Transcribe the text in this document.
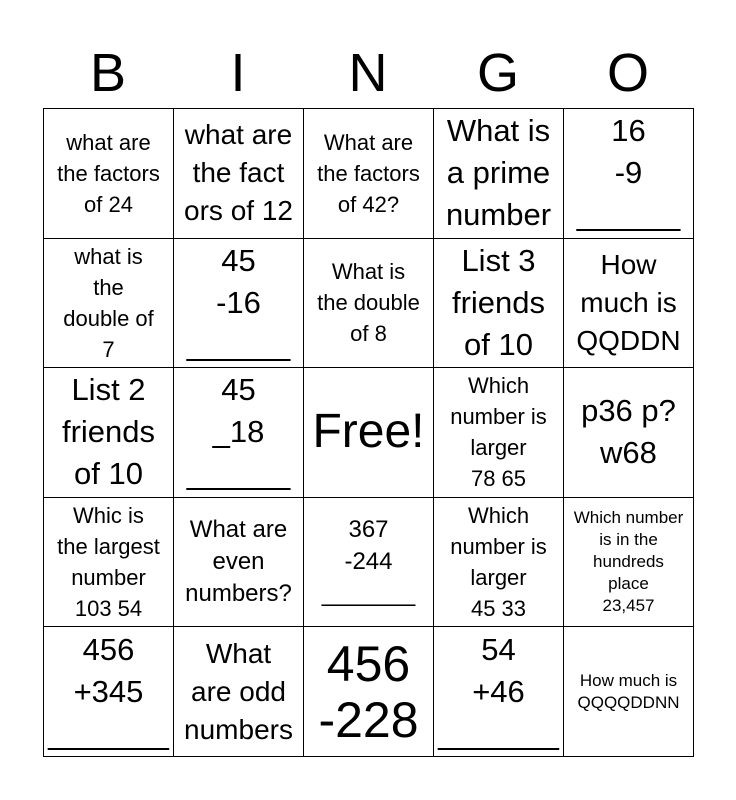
B	I	N	G	O
what are
the factors
of 24
what are
the fact
ors of 12
What are
the factors
of 42?
What is
a prime
number
16
-9
______
what is
the
double of
7
45
-16
______
What is
the double
of 8
List 3
friends
of 10
How
much is
QQDDN
List 2
friends
of 10
45
_18
______
Free!
Which
number is
larger
78 65
p36 p?
w68
Whic is
the largest
number
103 54
What are
even
numbers?
367
-244
_______
Which
number is
larger
45 33
Which number
is in the
hundreds
place
23,457
456
+345
_______
What
are odd
numbers
456
-228
54
+46
_______
How much is
QQQQDDNN
